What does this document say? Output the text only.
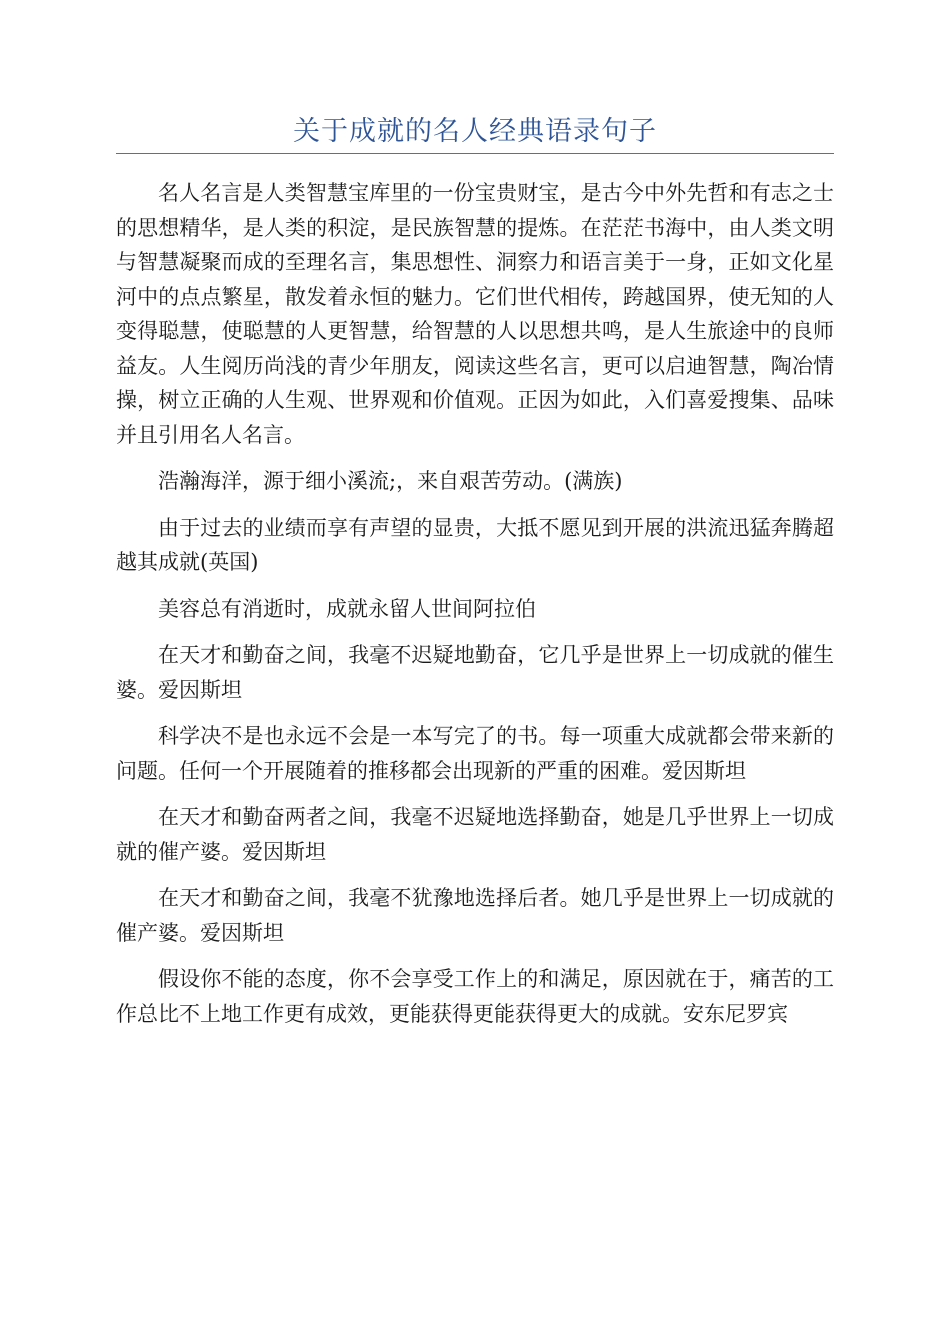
关于成就的名人经典语录句子

名人名言是人类智慧宝库里的一份宝贵财宝，是古今中外先哲和有志之士的思想精华，是人类的积淀，是民族智慧的提炼。在茫茫书海中，由人类文明与智慧凝聚而成的至理名言，集思想性、洞察力和语言美于一身，正如文化星河中的点点繁星，散发着永恒的魅力。它们世代相传，跨越国界，使无知的人变得聪慧，使聪慧的人更智慧，给智慧的人以思想共鸣，是人生旅途中的良师益友。人生阅历尚浅的青少年朋友，阅读这些名言，更可以启迪智慧，陶冶情操，树立正确的人生观、世界观和价值观。正因为如此，入们喜爱搜集、品味并且引用名人名言。

浩瀚海洋，源于细小溪流;，来自艰苦劳动。(满族)

由于过去的业绩而享有声望的显贵，大抵不愿见到开展的洪流迅猛奔腾超越其成就(英国)

美容总有消逝时，成就永留人世间阿拉伯

在天才和勤奋之间，我毫不迟疑地勤奋，它几乎是世界上一切成就的催生婆。爱因斯坦

科学决不是也永远不会是一本写完了的书。每一项重大成就都会带来新的问题。任何一个开展随着的推移都会出现新的严重的困难。爱因斯坦

在天才和勤奋两者之间，我毫不迟疑地选择勤奋，她是几乎世界上一切成就的催产婆。爱因斯坦

在天才和勤奋之间，我毫不犹豫地选择后者。她几乎是世界上一切成就的催产婆。爱因斯坦

假设你不能的态度，你不会享受工作上的和满足，原因就在于，痛苦的工作总比不上地工作更有成效，更能获得更能获得更大的成就。安东尼罗宾
